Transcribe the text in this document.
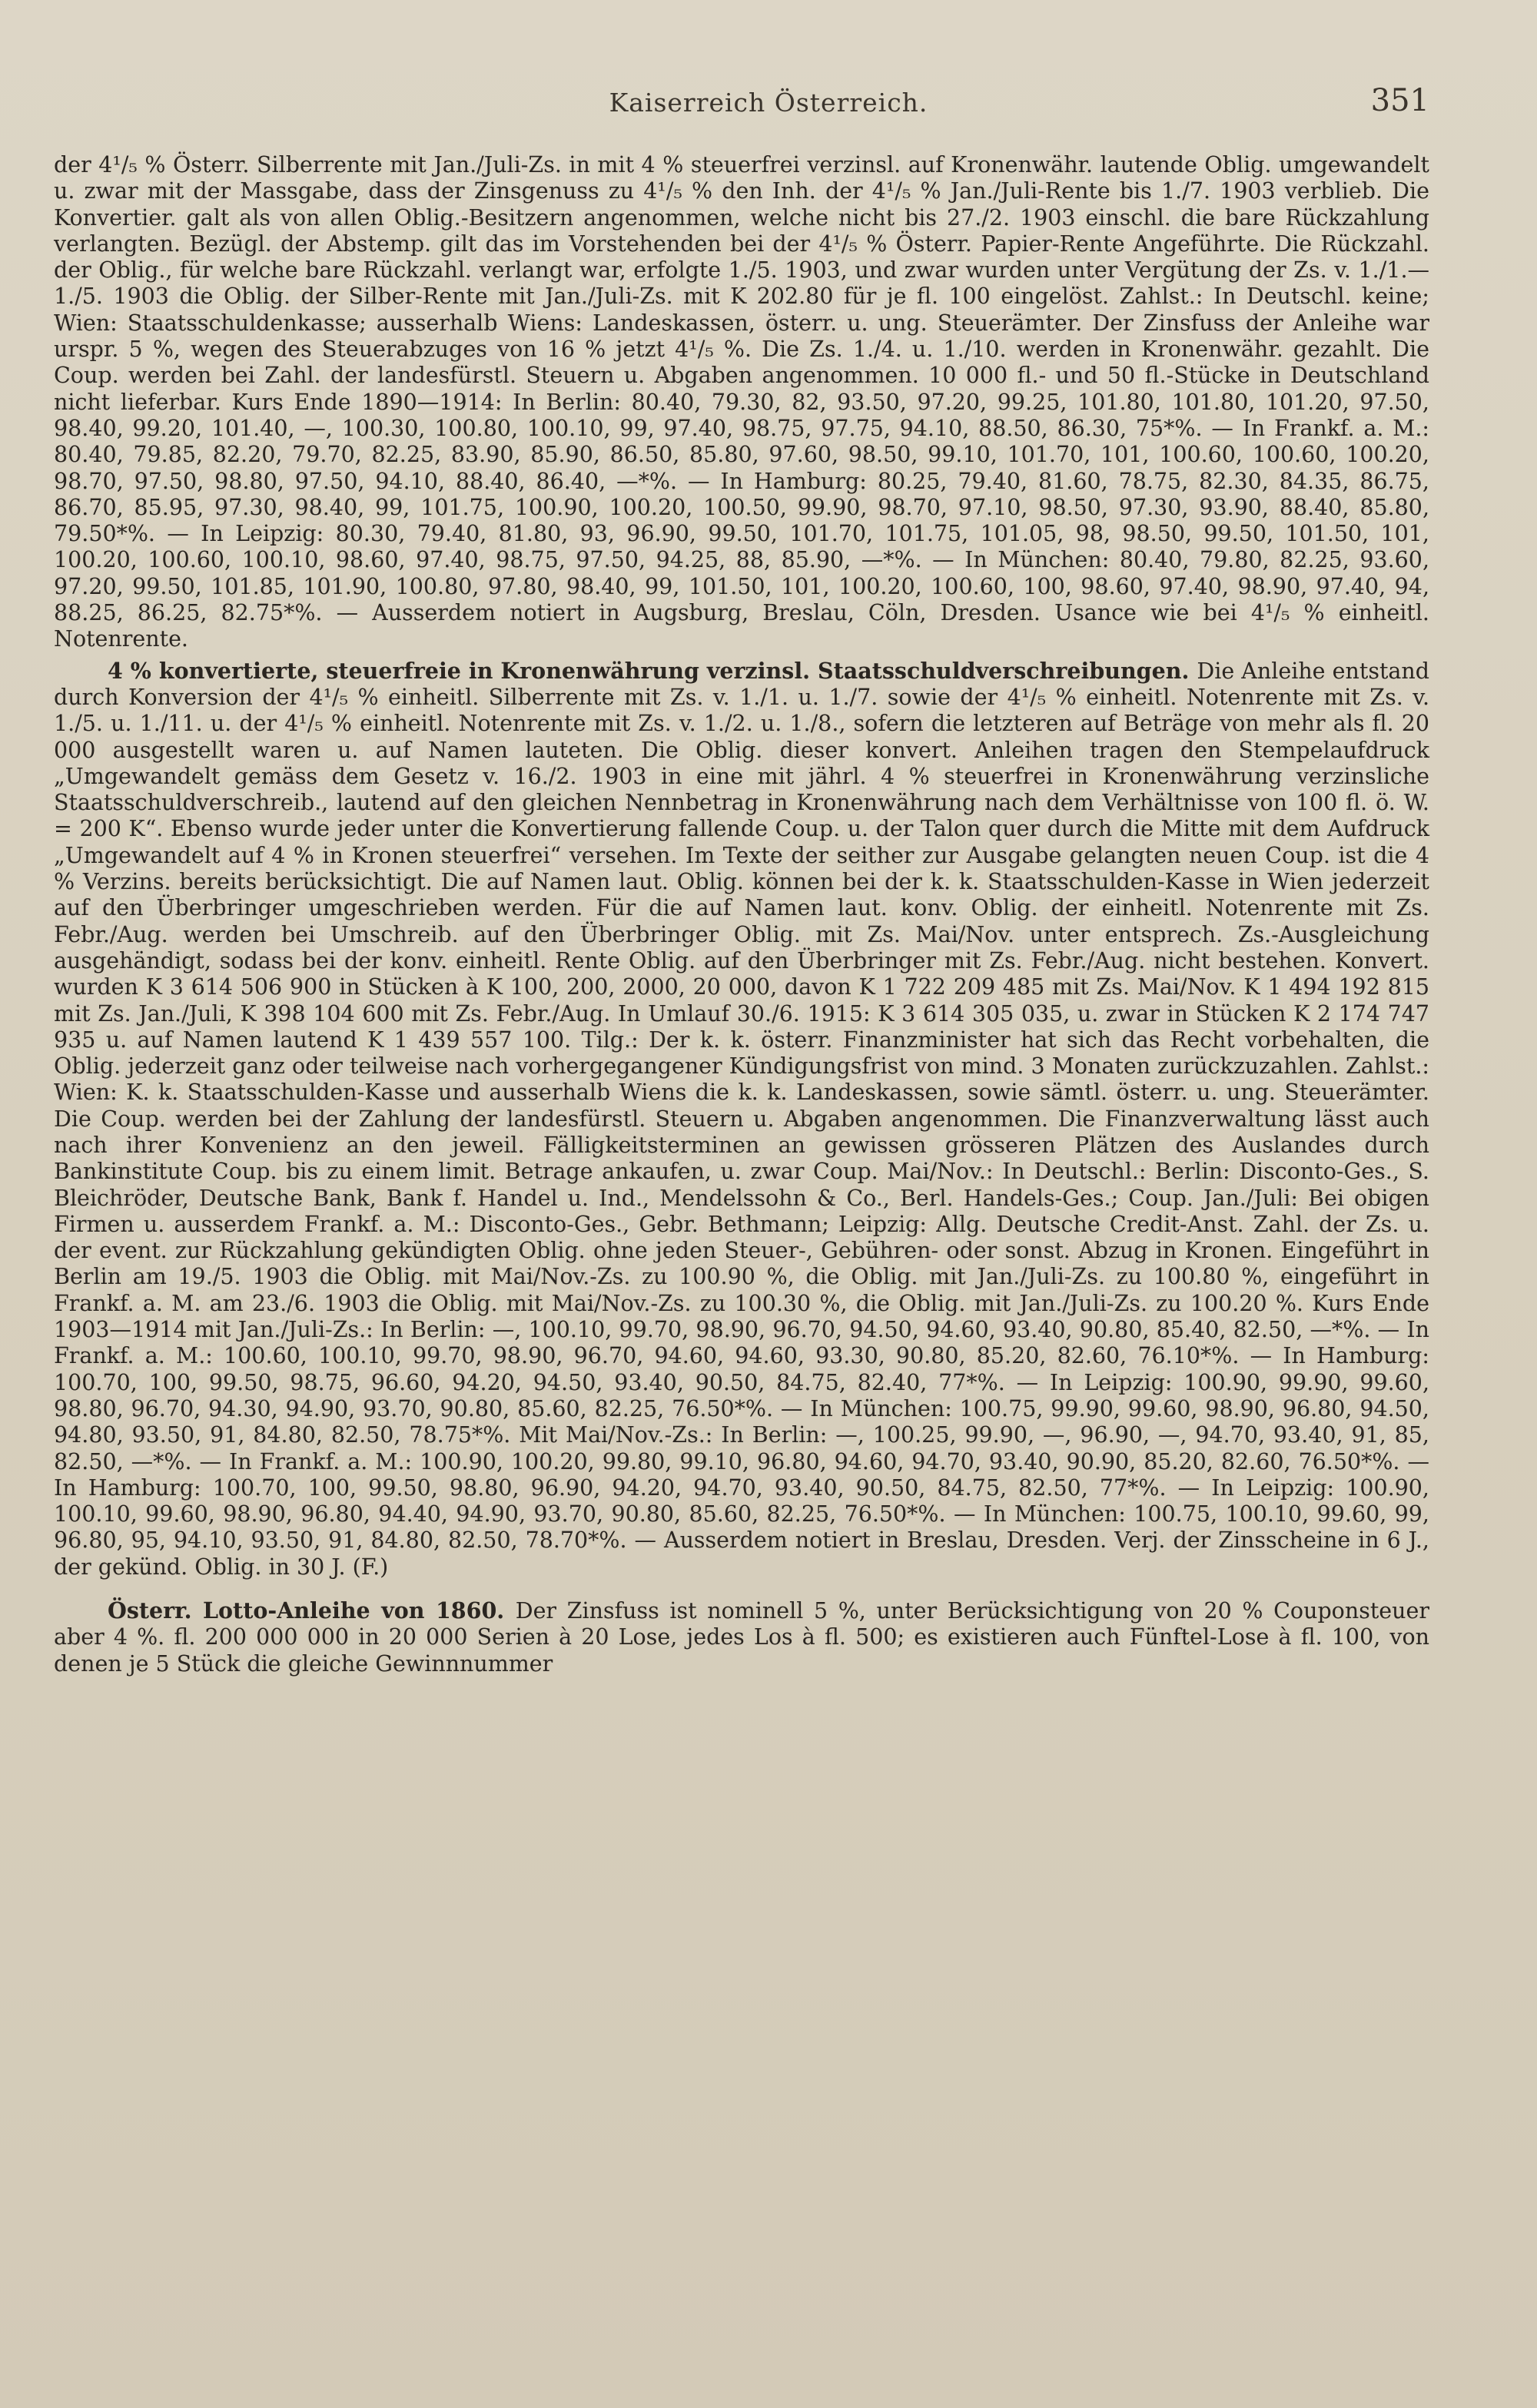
Kaiserreich Österreich.	351

der 4¹/₅ % Österr. Silberrente mit Jan./Juli-Zs. in mit 4 % steuerfrei verzinsl. auf Kronenwähr. lautende Oblig. umgewandelt u. zwar mit der Massgabe, dass der Zinsgenuss zu 4¹/₅ % den Inh. der 4¹/₅ % Jan./Juli-Rente bis 1./7. 1903 verblieb. Die Konvertier. galt als von allen Oblig.-Besitzern angenommen, welche nicht bis 27./2. 1903 einschl. die bare Rückzahlung verlangten. Bezügl. der Abstemp. gilt das im Vorstehenden bei der 4¹/₅ % Österr. Papier-Rente Angeführte. Die Rückzahl. der Oblig., für welche bare Rückzahl. verlangt war, erfolgte 1./5. 1903, und zwar wurden unter Vergütung der Zs. v. 1./1.—1./5. 1903 die Oblig. der Silber-Rente mit Jan./Juli-Zs. mit K 202.80 für je fl. 100 eingelöst. Zahlst.: In Deutschl. keine; Wien: Staatsschuldenkasse; ausserhalb Wiens: Landeskassen, österr. u. ung. Steuerämter. Der Zinsfuss der Anleihe war urspr. 5 %, wegen des Steuerabzuges von 16 % jetzt 4¹/₅ %. Die Zs. 1./4. u. 1./10. werden in Kronenwähr. gezahlt. Die Coup. werden bei Zahl. der landesfürstl. Steuern u. Abgaben angenommen. 10 000 fl.- und 50 fl.-Stücke in Deutschland nicht lieferbar. Kurs Ende 1890—1914: In Berlin: 80.40, 79.30, 82, 93.50, 97.20, 99.25, 101.80, 101.80, 101.20, 97.50, 98.40, 99.20, 101.40, —, 100.30, 100.80, 100.10, 99, 97.40, 98.75, 97.75, 94.10, 88.50, 86.30, 75*%. — In Frankf. a. M.: 80.40, 79.85, 82.20, 79.70, 82.25, 83.90, 85.90, 86.50, 85.80, 97.60, 98.50, 99.10, 101.70, 101, 100.60, 100.60, 100.20, 98.70, 97.50, 98.80, 97.50, 94.10, 88.40, 86.40, —*%. — In Hamburg: 80.25, 79.40, 81.60, 78.75, 82.30, 84.35, 86.75, 86.70, 85.95, 97.30, 98.40, 99, 101.75, 100.90, 100.20, 100.50, 99.90, 98.70, 97.10, 98.50, 97.30, 93.90, 88.40, 85.80, 79.50*%. — In Leipzig: 80.30, 79.40, 81.80, 93, 96.90, 99.50, 101.70, 101.75, 101.05, 98, 98.50, 99.50, 101.50, 101, 100.20, 100.60, 100.10, 98.60, 97.40, 98.75, 97.50, 94.25, 88, 85.90, —*%. — In München: 80.40, 79.80, 82.25, 93.60, 97.20, 99.50, 101.85, 101.90, 100.80, 97.80, 98.40, 99, 101.50, 101, 100.20, 100.60, 100, 98.60, 97.40, 98.90, 97.40, 94, 88.25, 86.25, 82.75*%. — Ausserdem notiert in Augsburg, Breslau, Cöln, Dresden. Usance wie bei 4¹/₅ % einheitl. Notenrente.

4 % konvertierte, steuerfreie in Kronenwährung verzinsl. Staatsschuldverschreibungen. Die Anleihe entstand durch Konversion der 4¹/₅ % einheitl. Silberrente mit Zs. v. 1./1. u. 1./7. sowie der 4¹/₅ % einheitl. Notenrente mit Zs. v. 1./5. u. 1./11. u. der 4¹/₅ % einheitl. Notenrente mit Zs. v. 1./2. u. 1./8., sofern die letzteren auf Beträge von mehr als fl. 20 000 ausgestellt waren u. auf Namen lauteten. Die Oblig. dieser konvert. Anleihen tragen den Stempelaufdruck „Umgewandelt gemäss dem Gesetz v. 16./2. 1903 in eine mit jährl. 4 % steuerfrei in Kronenwährung verzinsliche Staatsschuldverschreib., lautend auf den gleichen Nennbetrag in Kronenwährung nach dem Verhältnisse von 100 fl. ö. W. = 200 K“. Ebenso wurde jeder unter die Konvertierung fallende Coup. u. der Talon quer durch die Mitte mit dem Aufdruck „Umgewandelt auf 4 % in Kronen steuerfrei“ versehen. Im Texte der seither zur Ausgabe gelangten neuen Coup. ist die 4 % Verzins. bereits berücksichtigt. Die auf Namen laut. Oblig. können bei der k. k. Staatsschulden-Kasse in Wien jederzeit auf den Überbringer umgeschrieben werden. Für die auf Namen laut. konv. Oblig. der einheitl. Notenrente mit Zs. Febr./Aug. werden bei Umschreib. auf den Überbringer Oblig. mit Zs. Mai/Nov. unter entsprech. Zs.-Ausgleichung ausgehändigt, sodass bei der konv. einheitl. Rente Oblig. auf den Überbringer mit Zs. Febr./Aug. nicht bestehen. Konvert. wurden K 3 614 506 900 in Stücken à K 100, 200, 2000, 20 000, davon K 1 722 209 485 mit Zs. Mai/Nov. K 1 494 192 815 mit Zs. Jan./Juli, K 398 104 600 mit Zs. Febr./Aug. In Umlauf 30./6. 1915: K 3 614 305 035, u. zwar in Stücken K 2 174 747 935 u. auf Namen lautend K 1 439 557 100. Tilg.: Der k. k. österr. Finanzminister hat sich das Recht vorbehalten, die Oblig. jederzeit ganz oder teilweise nach vorhergegangener Kündigungsfrist von mind. 3 Monaten zurückzuzahlen. Zahlst.: Wien: K. k. Staatsschulden-Kasse und ausserhalb Wiens die k. k. Landeskassen, sowie sämtl. österr. u. ung. Steuerämter. Die Coup. werden bei der Zahlung der landesfürstl. Steuern u. Abgaben angenommen. Die Finanzverwaltung lässt auch nach ihrer Konvenienz an den jeweil. Fälligkeitsterminen an gewissen grösseren Plätzen des Auslandes durch Bankinstitute Coup. bis zu einem limit. Betrage ankaufen, u. zwar Coup. Mai/Nov.: In Deutschl.: Berlin: Disconto-Ges., S. Bleichröder, Deutsche Bank, Bank f. Handel u. Ind., Mendelssohn & Co., Berl. Handels-Ges.; Coup. Jan./Juli: Bei obigen Firmen u. ausserdem Frankf. a. M.: Disconto-Ges., Gebr. Bethmann; Leipzig: Allg. Deutsche Credit-Anst. Zahl. der Zs. u. der event. zur Rückzahlung gekündigten Oblig. ohne jeden Steuer-, Gebühren- oder sonst. Abzug in Kronen. Eingeführt in Berlin am 19./5. 1903 die Oblig. mit Mai/Nov.-Zs. zu 100.90 %, die Oblig. mit Jan./Juli-Zs. zu 100.80 %, eingeführt in Frankf. a. M. am 23./6. 1903 die Oblig. mit Mai/Nov.-Zs. zu 100.30 %, die Oblig. mit Jan./Juli-Zs. zu 100.20 %. Kurs Ende 1903—1914 mit Jan./Juli-Zs.: In Berlin: —, 100.10, 99.70, 98.90, 96.70, 94.50, 94.60, 93.40, 90.80, 85.40, 82.50, —*%. — In Frankf. a. M.: 100.60, 100.10, 99.70, 98.90, 96.70, 94.60, 94.60, 93.30, 90.80, 85.20, 82.60, 76.10*%. — In Hamburg: 100.70, 100, 99.50, 98.75, 96.60, 94.20, 94.50, 93.40, 90.50, 84.75, 82.40, 77*%. — In Leipzig: 100.90, 99.90, 99.60, 98.80, 96.70, 94.30, 94.90, 93.70, 90.80, 85.60, 82.25, 76.50*%. — In München: 100.75, 99.90, 99.60, 98.90, 96.80, 94.50, 94.80, 93.50, 91, 84.80, 82.50, 78.75*%. Mit Mai/Nov.-Zs.: In Berlin: —, 100.25, 99.90, —, 96.90, —, 94.70, 93.40, 91, 85, 82.50, —*%. — In Frankf. a. M.: 100.90, 100.20, 99.80, 99.10, 96.80, 94.60, 94.70, 93.40, 90.90, 85.20, 82.60, 76.50*%. — In Hamburg: 100.70, 100, 99.50, 98.80, 96.90, 94.20, 94.70, 93.40, 90.50, 84.75, 82.50, 77*%. — In Leipzig: 100.90, 100.10, 99.60, 98.90, 96.80, 94.40, 94.90, 93.70, 90.80, 85.60, 82.25, 76.50*%. — In München: 100.75, 100.10, 99.60, 99, 96.80, 95, 94.10, 93.50, 91, 84.80, 82.50, 78.70*%. — Ausserdem notiert in Breslau, Dresden. Verj. der Zinsscheine in 6 J., der gekünd. Oblig. in 30 J. (F.)

Österr. Lotto-Anleihe von 1860. Der Zinsfuss ist nominell 5 %, unter Berücksichtigung von 20 % Couponsteuer aber 4 %. fl. 200 000 000 in 20 000 Serien à 20 Lose, jedes Los à fl. 500; es existieren auch Fünftel-Lose à fl. 100, von denen je 5 Stück die gleiche Gewinnnummer
